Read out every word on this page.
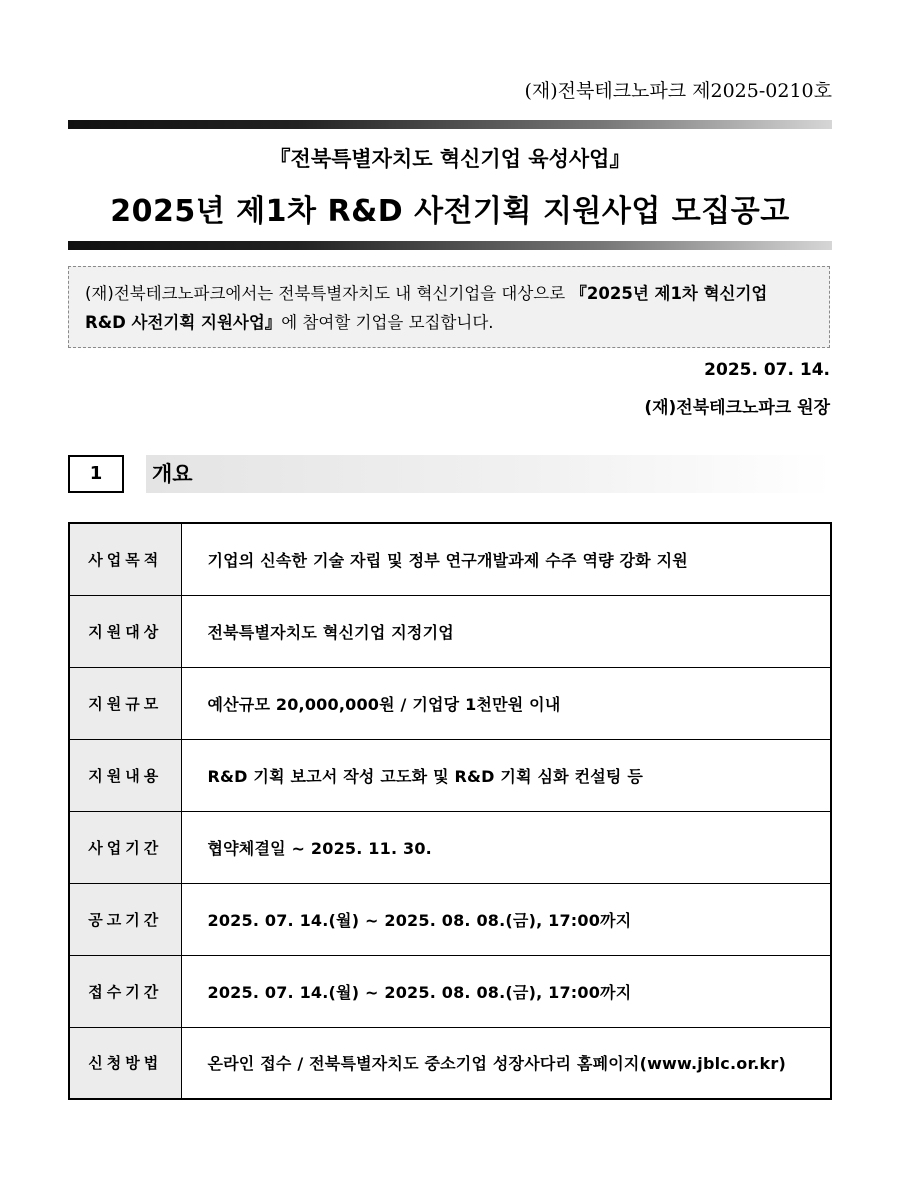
(재)전북테크노파크 제2025-0210호
『전북특별자치도 혁신기업 육성사업』
2025년 제1차 R&D 사전기획 지원사업 모집공고
(재)전북테크노파크에서는 전북특별자치도 내 혁신기업을 대상으로 『2025년 제1차 혁신기업
R&D 사전기획 지원사업』에 참여할 기업을 모집합니다.
2025. 07. 14.
(재)전북테크노파크 원장
1	개요
사업목적	기업의 신속한 기술 자립 및 정부 연구개발과제 수주 역량 강화 지원
지원대상	전북특별자치도 혁신기업 지정기업
지원규모	예산규모 20,000,000원 / 기업당 1천만원 이내
지원내용	R&D 기획 보고서 작성 고도화 및 R&D 기획 심화 컨설팅 등
사업기간	협약체결일 ~ 2025. 11. 30.
공고기간	2025. 07. 14.(월) ~ 2025. 08. 08.(금), 17:00까지
접수기간	2025. 07. 14.(월) ~ 2025. 08. 08.(금), 17:00까지
신청방법	온라인 접수 / 전북특별자치도 중소기업 성장사다리 홈페이지(www.jblc.or.kr)
